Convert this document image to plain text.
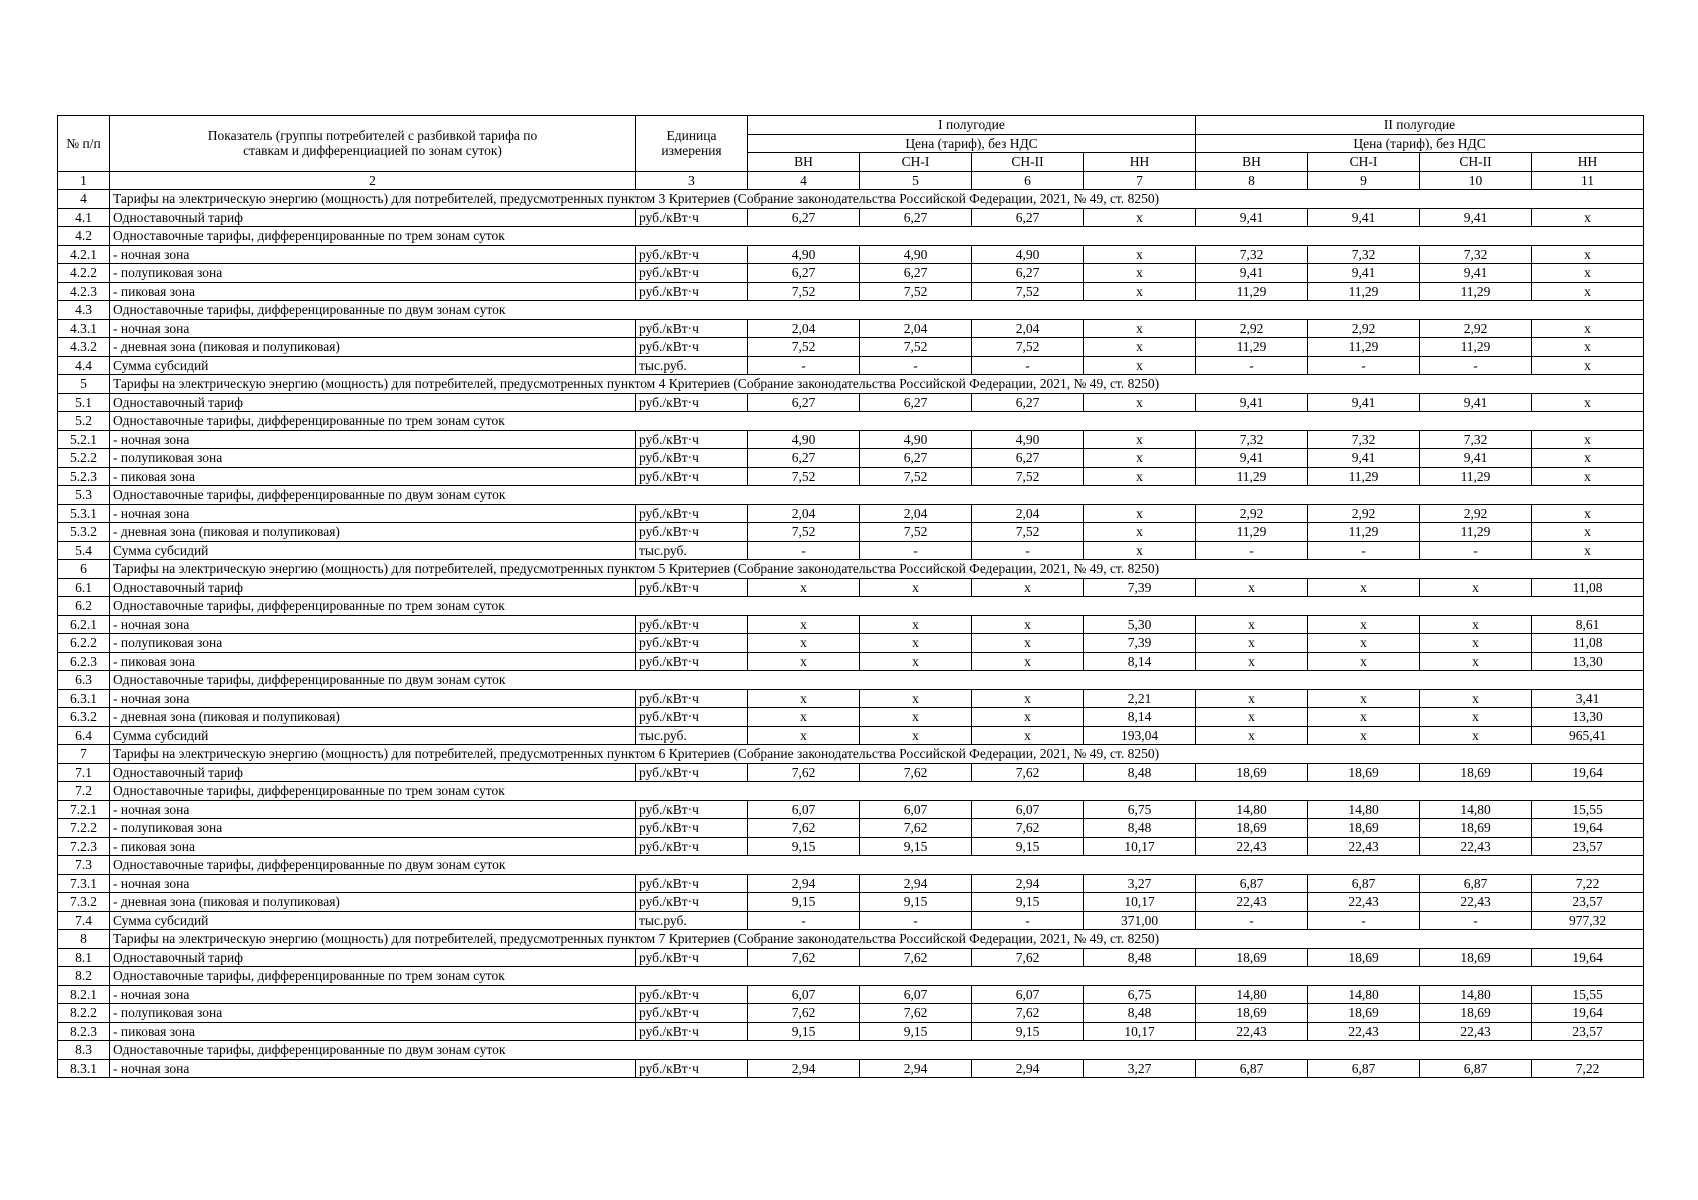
№ п/п	Показатель (группы потребителей с разбивкой тарифа по ставкам и дифференциацией по зонам суток)	Единица измерения	I полугодие				II полугодие			
			Цена (тариф), без НДС				Цена (тариф), без НДС			
			ВН	СН-I	СН-II	НН	ВН	СН-I	СН-II	НН
1	2	3	4	5	6	7	8	9	10	11
4	Тарифы на электрическую энергию (мощность) для потребителей, предусмотренных пунктом 3 Критериев (Собрание законодательства Российской Федерации, 2021, № 49, ст. 8250)									
4.1	Одноставочный тариф	руб./кВт·ч	6,27	6,27	6,27	х	9,41	9,41	9,41	х
4.2	Одноставочные тарифы, дифференцированные по трем зонам суток									
4.2.1	- ночная зона	руб./кВт·ч	4,90	4,90	4,90	х	7,32	7,32	7,32	х
4.2.2	- полупиковая зона	руб./кВт·ч	6,27	6,27	6,27	х	9,41	9,41	9,41	х
4.2.3	- пиковая зона	руб./кВт·ч	7,52	7,52	7,52	х	11,29	11,29	11,29	х
4.3	Одноставочные тарифы, дифференцированные по двум зонам суток									
4.3.1	- ночная зона	руб./кВт·ч	2,04	2,04	2,04	х	2,92	2,92	2,92	х
4.3.2	- дневная зона (пиковая и полупиковая)	руб./кВт·ч	7,52	7,52	7,52	х	11,29	11,29	11,29	х
4.4	Сумма субсидий	тыс.руб.	-	-	-	х	-	-	-	х
5	Тарифы на электрическую энергию (мощность) для потребителей, предусмотренных пунктом 4 Критериев (Собрание законодательства Российской Федерации, 2021, № 49, ст. 8250)									
5.1	Одноставочный тариф	руб./кВт·ч	6,27	6,27	6,27	х	9,41	9,41	9,41	х
5.2	Одноставочные тарифы, дифференцированные по трем зонам суток									
5.2.1	- ночная зона	руб./кВт·ч	4,90	4,90	4,90	х	7,32	7,32	7,32	х
5.2.2	- полупиковая зона	руб./кВт·ч	6,27	6,27	6,27	х	9,41	9,41	9,41	х
5.2.3	- пиковая зона	руб./кВт·ч	7,52	7,52	7,52	х	11,29	11,29	11,29	х
5.3	Одноставочные тарифы, дифференцированные по двум зонам суток									
5.3.1	- ночная зона	руб./кВт·ч	2,04	2,04	2,04	х	2,92	2,92	2,92	х
5.3.2	- дневная зона (пиковая и полупиковая)	руб./кВт·ч	7,52	7,52	7,52	х	11,29	11,29	11,29	х
5.4	Сумма субсидий	тыс.руб.	-	-	-	х	-	-	-	х
6	Тарифы на электрическую энергию (мощность) для потребителей, предусмотренных пунктом 5 Критериев (Собрание законодательства Российской Федерации, 2021, № 49, ст. 8250)									
6.1	Одноставочный тариф	руб./кВт·ч	х	х	х	7,39	х	х	х	11,08
6.2	Одноставочные тарифы, дифференцированные по трем зонам суток									
6.2.1	- ночная зона	руб./кВт·ч	х	х	х	5,30	х	х	х	8,61
6.2.2	- полупиковая зона	руб./кВт·ч	х	х	х	7,39	х	х	х	11,08
6.2.3	- пиковая зона	руб./кВт·ч	х	х	х	8,14	х	х	х	13,30
6.3	Одноставочные тарифы, дифференцированные по двум зонам суток									
6.3.1	- ночная зона	руб./кВт·ч	х	х	х	2,21	х	х	х	3,41
6.3.2	- дневная зона (пиковая и полупиковая)	руб./кВт·ч	х	х	х	8,14	х	х	х	13,30
6.4	Сумма субсидий	тыс.руб.	х	х	х	193,04	х	х	х	965,41
7	Тарифы на электрическую энергию (мощность) для потребителей, предусмотренных пунктом 6 Критериев (Собрание законодательства Российской Федерации, 2021, № 49, ст. 8250)									
7.1	Одноставочный тариф	руб./кВт·ч	7,62	7,62	7,62	8,48	18,69	18,69	18,69	19,64
7.2	Одноставочные тарифы, дифференцированные по трем зонам суток									
7.2.1	- ночная зона	руб./кВт·ч	6,07	6,07	6,07	6,75	14,80	14,80	14,80	15,55
7.2.2	- полупиковая зона	руб./кВт·ч	7,62	7,62	7,62	8,48	18,69	18,69	18,69	19,64
7.2.3	- пиковая зона	руб./кВт·ч	9,15	9,15	9,15	10,17	22,43	22,43	22,43	23,57
7.3	Одноставочные тарифы, дифференцированные по двум зонам суток									
7.3.1	- ночная зона	руб./кВт·ч	2,94	2,94	2,94	3,27	6,87	6,87	6,87	7,22
7.3.2	- дневная зона (пиковая и полупиковая)	руб./кВт·ч	9,15	9,15	9,15	10,17	22,43	22,43	22,43	23,57
7.4	Сумма субсидий	тыс.руб.	-	-	-	371,00	-	-	-	977,32
8	Тарифы на электрическую энергию (мощность) для потребителей, предусмотренных пунктом 7 Критериев (Собрание законодательства Российской Федерации, 2021, № 49, ст. 8250)									
8.1	Одноставочный тариф	руб./кВт·ч	7,62	7,62	7,62	8,48	18,69	18,69	18,69	19,64
8.2	Одноставочные тарифы, дифференцированные по трем зонам суток									
8.2.1	- ночная зона	руб./кВт·ч	6,07	6,07	6,07	6,75	14,80	14,80	14,80	15,55
8.2.2	- полупиковая зона	руб./кВт·ч	7,62	7,62	7,62	8,48	18,69	18,69	18,69	19,64
8.2.3	- пиковая зона	руб./кВт·ч	9,15	9,15	9,15	10,17	22,43	22,43	22,43	23,57
8.3	Одноставочные тарифы, дифференцированные по двум зонам суток									
8.3.1	- ночная зона	руб./кВт·ч	2,94	2,94	2,94	3,27	6,87	6,87	6,87	7,22
